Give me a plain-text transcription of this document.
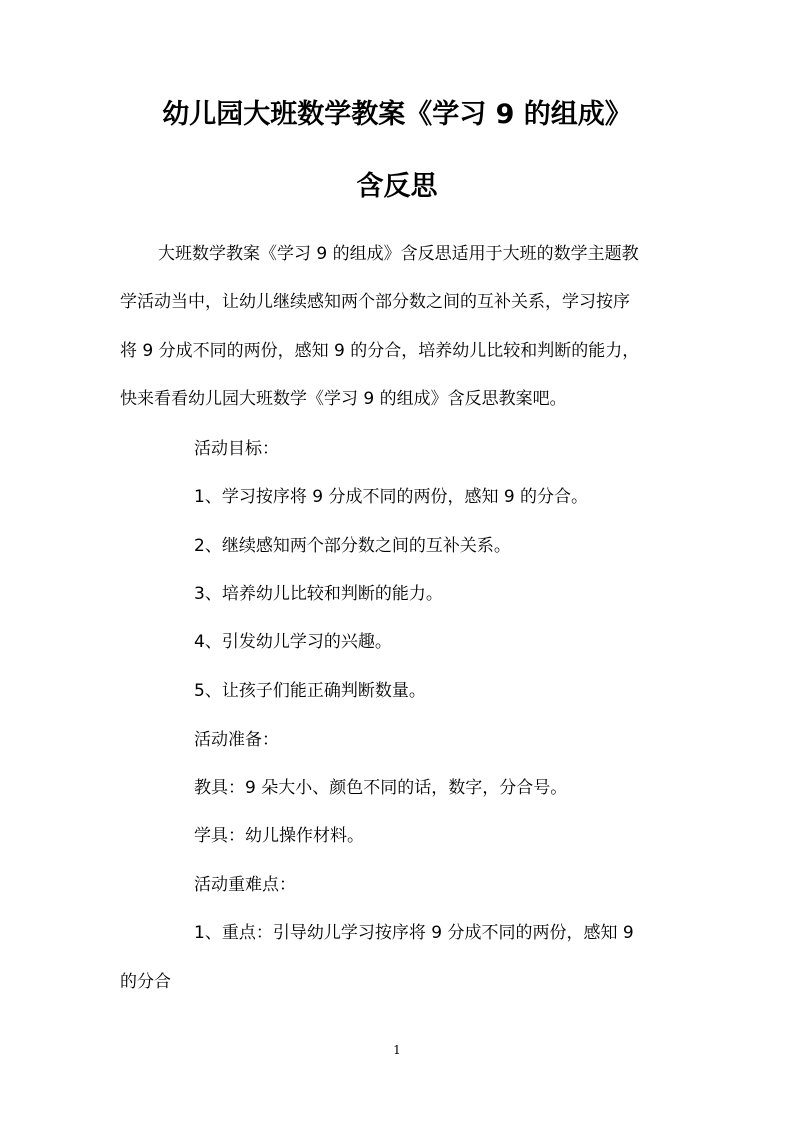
幼儿园大班数学教案《学习 9 的组成》
含反思
大班数学教案《学习 9 的组成》含反思适用于大班的数学主题教
学活动当中，让幼儿继续感知两个部分数之间的互补关系，学习按序
将 9 分成不同的两份，感知 9 的分合，培养幼儿比较和判断的能力，
快来看看幼儿园大班数学《学习 9 的组成》含反思教案吧。
活动目标：
1、学习按序将 9 分成不同的两份，感知 9 的分合。
2、继续感知两个部分数之间的互补关系。
3、培养幼儿比较和判断的能力。
4、引发幼儿学习的兴趣。
5、让孩子们能正确判断数量。
活动准备：
教具：9 朵大小、颜色不同的话，数字，分合号。
学具：幼儿操作材料。
活动重难点：
1、重点：引导幼儿学习按序将 9 分成不同的两份，感知 9
的分合
1
